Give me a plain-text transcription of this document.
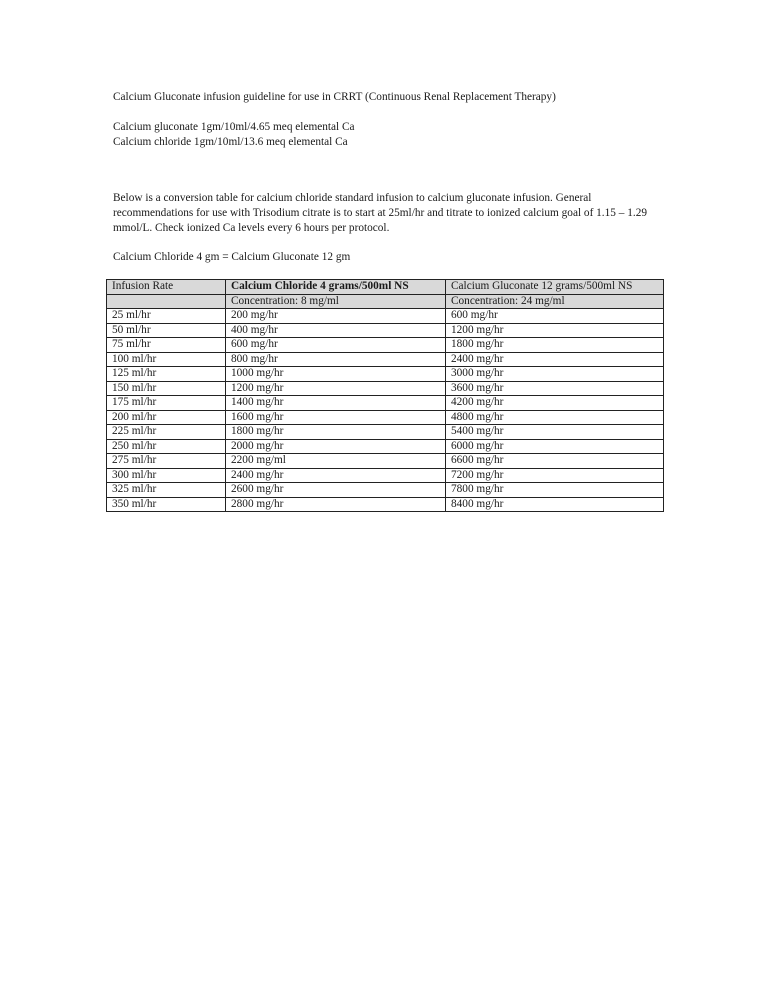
Calcium Gluconate infusion guideline for use in CRRT (Continuous Renal Replacement Therapy)
Calcium gluconate 1gm/10ml/4.65 meq elemental Ca
Calcium chloride 1gm/10ml/13.6 meq elemental Ca
Below is a conversion table for calcium chloride standard infusion to calcium gluconate infusion. General recommendations for use with Trisodium citrate is to start at 25ml/hr and titrate to ionized calcium goal of 1.15 – 1.29 mmol/L. Check ionized Ca levels every 6 hours per protocol.
Calcium Chloride 4 gm = Calcium Gluconate 12 gm
Infusion Rate	Calcium Chloride 4 grams/500ml NS	Calcium Gluconate 12 grams/500ml NS
	Concentration: 8 mg/ml	Concentration: 24 mg/ml
25 ml/hr	200 mg/hr	600 mg/hr
50 ml/hr	400 mg/hr	1200 mg/hr
75 ml/hr	600 mg/hr	1800 mg/hr
100 ml/hr	800 mg/hr	2400 mg/hr
125 ml/hr	1000 mg/hr	3000 mg/hr
150 ml/hr	1200 mg/hr	3600 mg/hr
175 ml/hr	1400 mg/hr	4200 mg/hr
200 ml/hr	1600 mg/hr	4800 mg/hr
225 ml/hr	1800 mg/hr	5400 mg/hr
250 ml/hr	2000 mg/hr	6000 mg/hr
275 ml/hr	2200 mg/ml	6600 mg/hr
300 ml/hr	2400 mg/hr	7200 mg/hr
325 ml/hr	2600 mg/hr	7800 mg/hr
350 ml/hr	2800 mg/hr	8400 mg/hr
